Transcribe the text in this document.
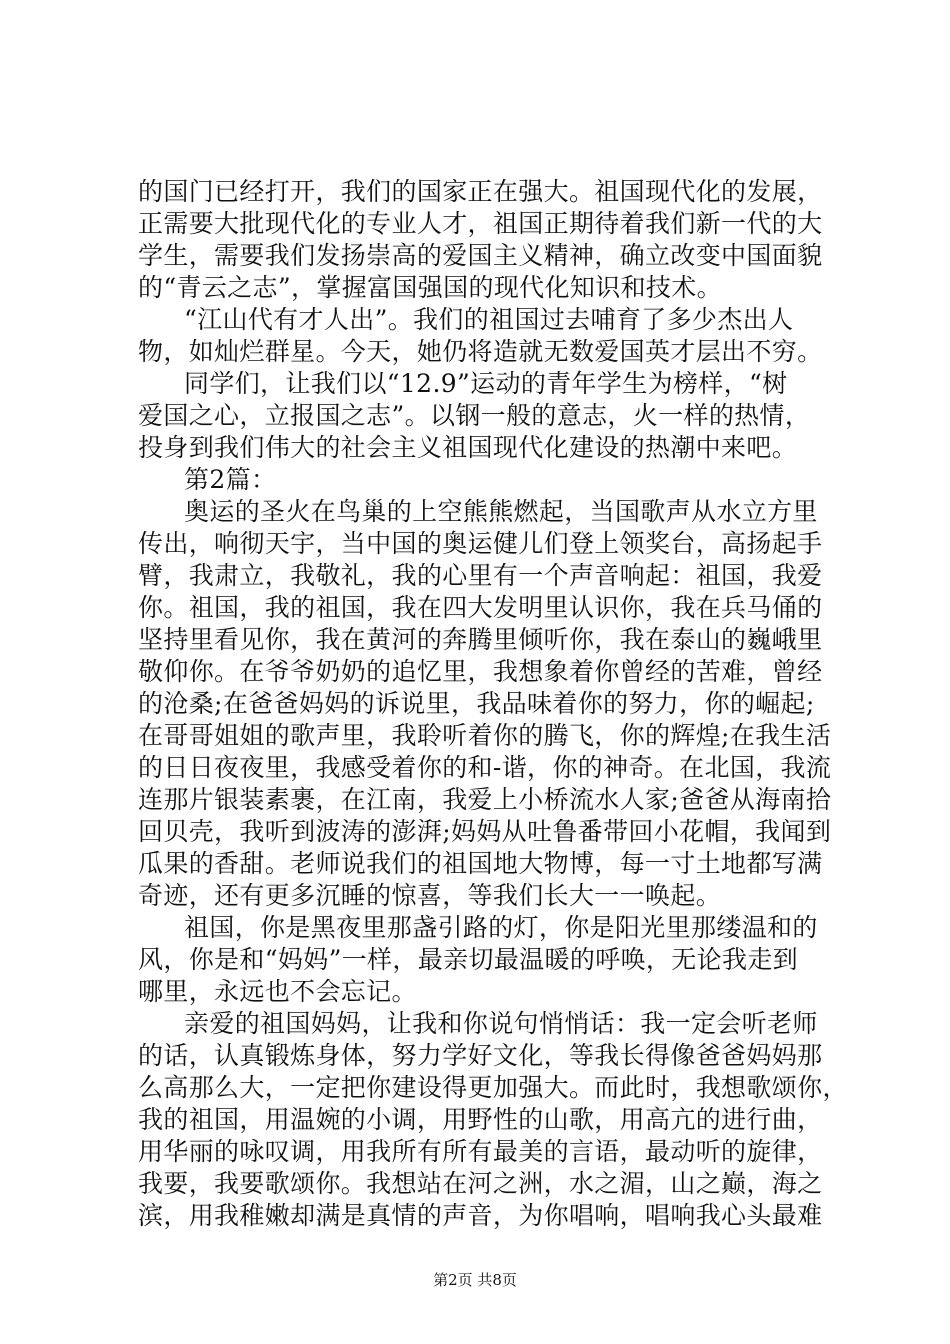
的国门已经打开，我们的国家正在强大。祖国现代化的发展，
正需要大批现代化的专业人才，祖国正期待着我们新一代的大
学生，需要我们发扬崇高的爱国主义精神，确立改变中国面貌
的“青云之志”，掌握富国强国的现代化知识和技术。
“江山代有才人出”。我们的祖国过去哺育了多少杰出人
物，如灿烂群星。今天，她仍将造就无数爱国英才层出不穷。
同学们，让我们以“12.9”运动的青年学生为榜样，“树
爱国之心，立报国之志”。以钢一般的意志，火一样的热情，
投身到我们伟大的社会主义祖国现代化建设的热潮中来吧。
第2篇：
奥运的圣火在鸟巢的上空熊熊燃起，当国歌声从水立方里
传出，响彻天宇，当中国的奥运健儿们登上领奖台，高扬起手
臂，我肃立，我敬礼，我的心里有一个声音响起：祖国，我爱
你。祖国，我的祖国，我在四大发明里认识你，我在兵马俑的
坚持里看见你，我在黄河的奔腾里倾听你，我在泰山的巍峨里
敬仰你。在爷爷奶奶的追忆里，我想象着你曾经的苦难，曾经
的沧桑;在爸爸妈妈的诉说里，我品味着你的努力，你的崛起;
在哥哥姐姐的歌声里，我聆听着你的腾飞，你的辉煌;在我生活
的日日夜夜里，我感受着你的和-谐，你的神奇。在北国，我流
连那片银装素裹，在江南，我爱上小桥流水人家;爸爸从海南拾
回贝壳，我听到波涛的澎湃;妈妈从吐鲁番带回小花帽，我闻到
瓜果的香甜。老师说我们的祖国地大物博，每一寸土地都写满
奇迹，还有更多沉睡的惊喜，等我们长大一一唤起。
祖国，你是黑夜里那盏引路的灯，你是阳光里那缕温和的
风，你是和“妈妈”一样，最亲切最温暖的呼唤，无论我走到
哪里，永远也不会忘记。
亲爱的祖国妈妈，让我和你说句悄悄话：我一定会听老师
的话，认真锻炼身体，努力学好文化，等我长得像爸爸妈妈那
么高那么大，一定把你建设得更加强大。而此时，我想歌颂你，
我的祖国，用温婉的小调，用野性的山歌，用高亢的进行曲，
用华丽的咏叹调，用我所有所有最美的言语，最动听的旋律，
我要，我要歌颂你。我想站在河之洲，水之湄，山之巅，海之
滨，用我稚嫩却满是真情的声音，为你唱响，唱响我心头最难
第2页 共8页
